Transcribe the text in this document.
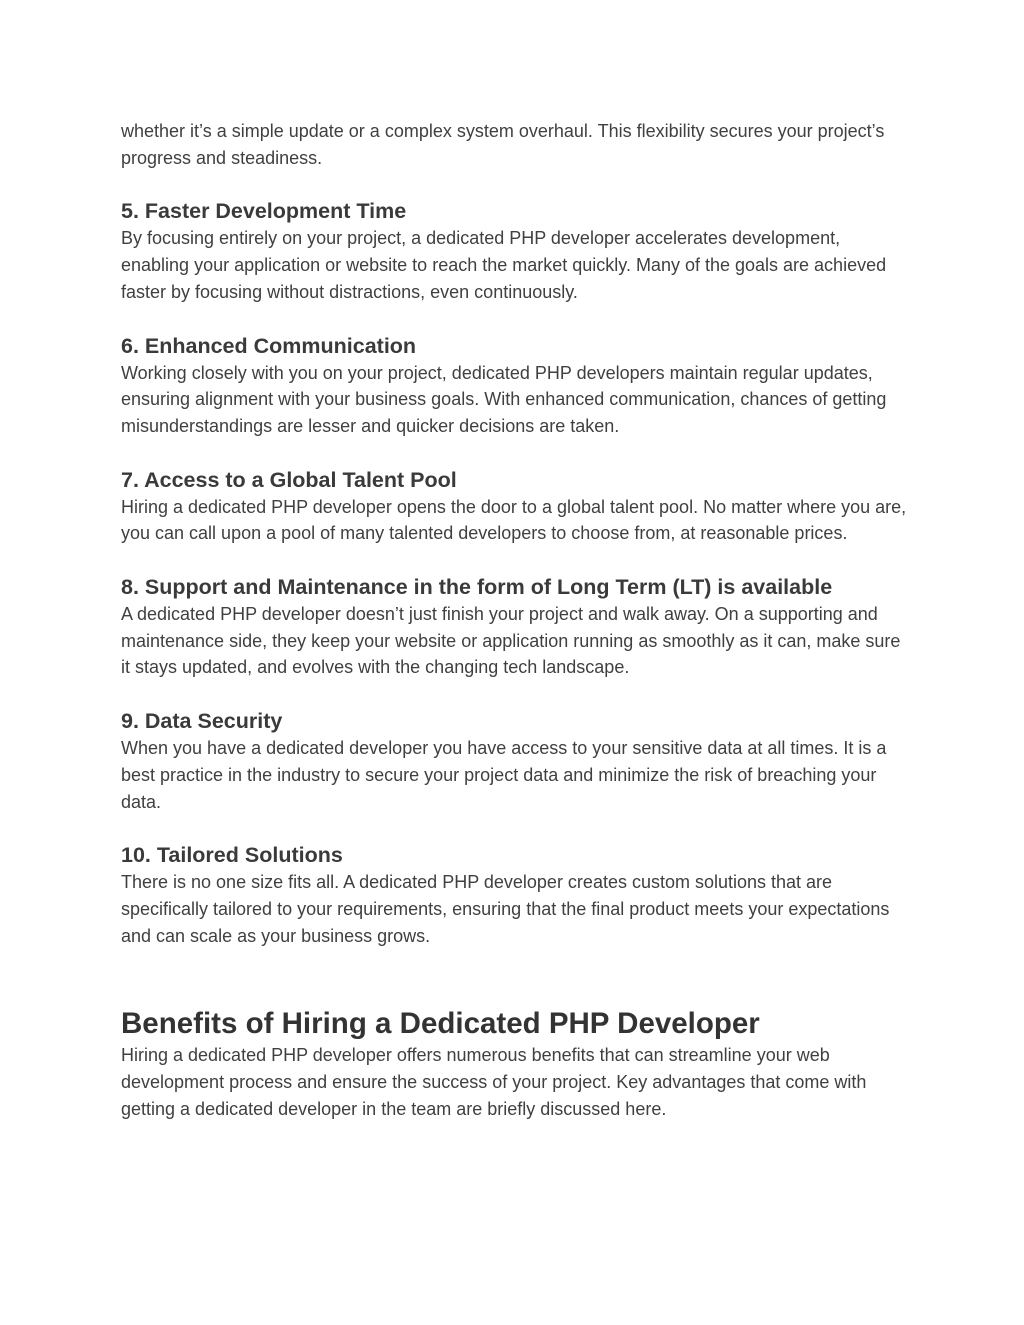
whether it’s a simple update or a complex system overhaul. This flexibility secures your project’s progress and steadiness.

5. Faster Development Time

By focusing entirely on your project, a dedicated PHP developer accelerates development, enabling your application or website to reach the market quickly. Many of the goals are achieved faster by focusing without distractions, even continuously.

6. Enhanced Communication

Working closely with you on your project, dedicated PHP developers maintain regular updates, ensuring alignment with your business goals. With enhanced communication, chances of getting misunderstandings are lesser and quicker decisions are taken.

7. Access to a Global Talent Pool

Hiring a dedicated PHP developer opens the door to a global talent pool. No matter where you are, you can call upon a pool of many talented developers to choose from, at reasonable prices.

8. Support and Maintenance in the form of Long Term (LT) is available

A dedicated PHP developer doesn’t just finish your project and walk away. On a supporting and maintenance side, they keep your website or application running as smoothly as it can, make sure it stays updated, and evolves with the changing tech landscape.

9. Data Security

When you have a dedicated developer you have access to your sensitive data at all times. It is a best practice in the industry to secure your project data and minimize the risk of breaching your data.

10. Tailored Solutions

There is no one size fits all. A dedicated PHP developer creates custom solutions that are specifically tailored to your requirements, ensuring that the final product meets your expectations and can scale as your business grows.

Benefits of Hiring a Dedicated PHP Developer

Hiring a dedicated PHP developer offers numerous benefits that can streamline your web development process and ensure the success of your project. Key advantages that come with getting a dedicated developer in the team are briefly discussed here.
